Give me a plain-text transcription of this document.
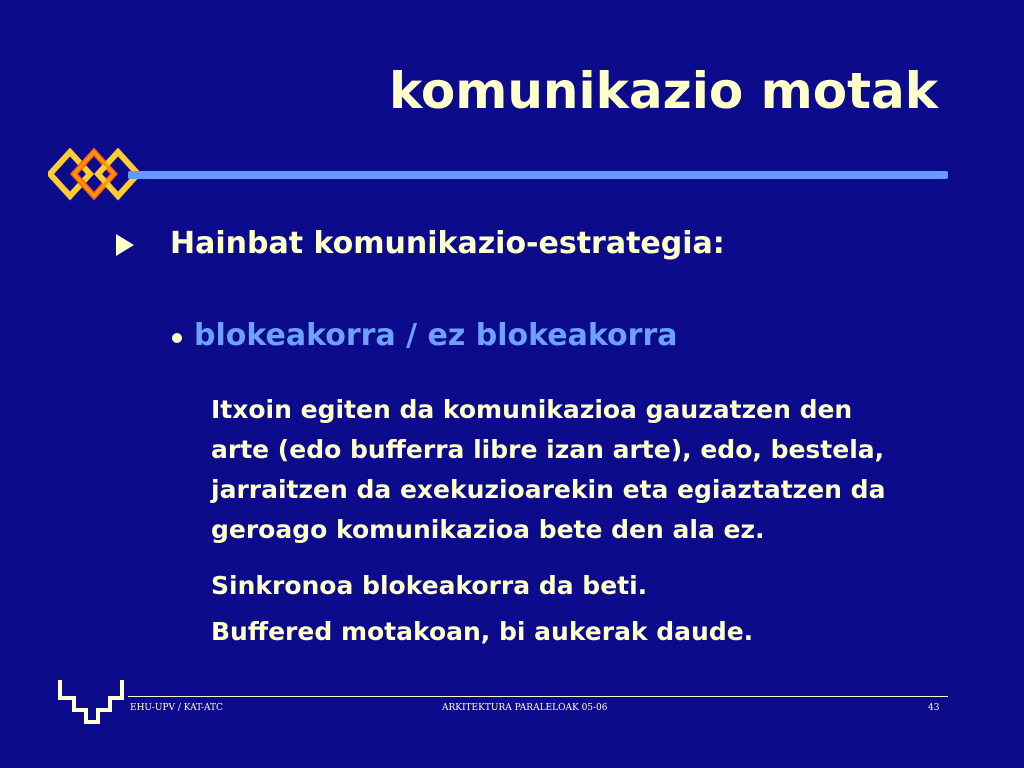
komunikazio motak
Hainbat komunikazio-estrategia:
blokeakorra / ez blokeakorra
Itxoin egiten da komunikazioa gauzatzen den
arte (edo bufferra libre izan arte), edo, bestela,
jarraitzen da exekuzioarekin eta egiaztatzen da
geroago komunikazioa bete den ala ez.
Sinkronoa blokeakorra da beti.
Buffered motakoan, bi aukerak daude.
EHU-UPV / KAT-ATC	ARKITEKTURA PARALELOAK 05-06	43
